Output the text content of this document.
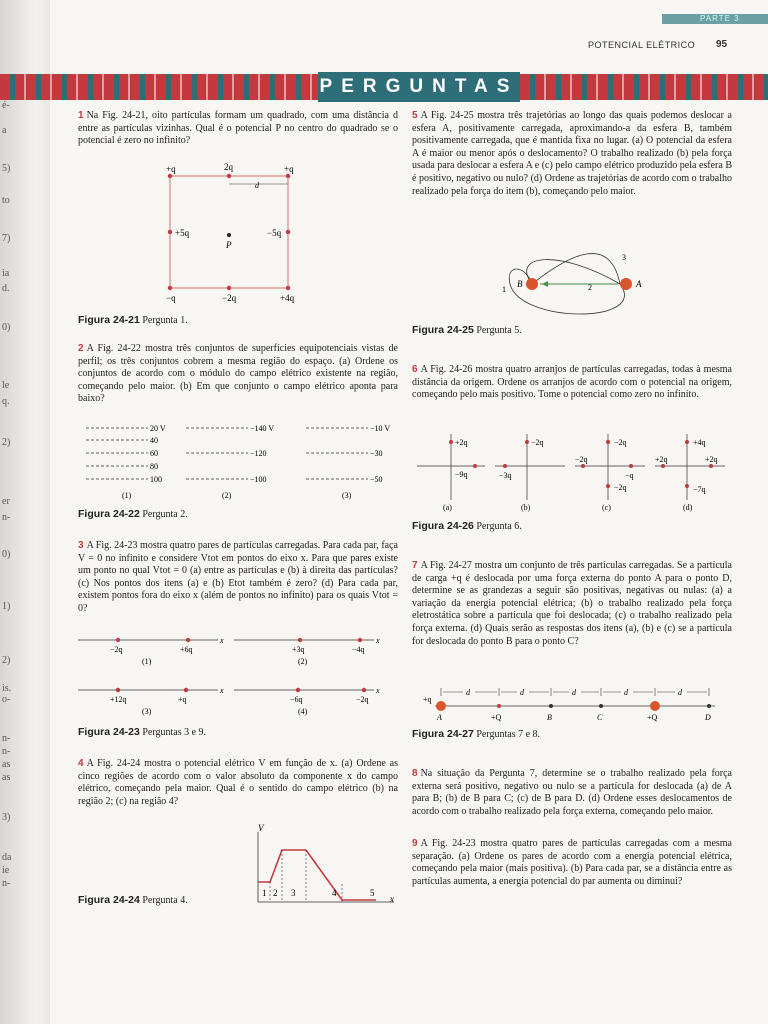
é-
a
5)
to
7)
ia
d.
0)
le
q.
2)
er
n-
0)
1)
2)
is.
o-
n-
n-
as
as
3)
da
ie
n-
PARTE 3
POTENCIAL ELÉTRICO 95
PERGUNTAS

1 Na Fig. 24-21, oito partículas formam um quadrado, com uma distância d entre as partículas vizinhas. Qual é o potencial P no centro do quadrado se o potencial é zero no infinito?

+q	2q	+q
d
+5q
P
−5q
−q	−2q	+4q
Figura 24-21 Pergunta 1.

2 A Fig. 24-22 mostra três conjuntos de superfícies equipotenciais vistas de perfil; os três conjuntos cobrem a mesma região do espaço. (a) Ordene os conjuntos de acordo com o módulo do campo elétrico existente na região, começando pelo maior. (b) Em que conjunto o campo elétrico aponta para baixo?

20 V
40
60
80
100
(1)
−140 V
−120
−100
(2)
−10 V
−30
−50
(3)
Figura 24-22 Pergunta 2.

3 A Fig. 24-23 mostra quatro pares de partículas carregadas. Para cada par, faça V = 0 no infinito e considere Vtot em pontos do eixo x. Para que pares existe um ponto no qual Vtot = 0 (a) entre as partículas e (b) à direita das partículas? (c) Nos pontos dos itens (a) e (b) Etot também é zero? (d) Para cada par, existem pontos fora do eixo x (além de pontos no infinito) para os quais Vtot = 0?

x
−2q	+6q
(1)
x
+3q	−4q
(2)
x
+12q	+q
(3)
x
−6q	−2q
(4)
Figura 24-23 Perguntas 3 e 9.

4 A Fig. 24-24 mostra o potencial elétrico V em função de x. (a) Ordene as cinco regiões de acordo com o valor absoluto da componente x do campo elétrico, começando pela maior. Qual é o sentido do campo elétrico (b) na região 2; (c) na região 4?

V
x
1 2 3	4	5
Figura 24-24 Pergunta 4.

5 A Fig. 24-25 mostra três trajetórias ao longo das quais podemos deslocar a esfera A, positivamente carregada, aproximando-a da esfera B, também positivamente carregada, que é mantida fixa no lugar. (a) O potencial da esfera A é maior ou menor após o deslocamento? O trabalho realizado (b) pela força usada para deslocar a esfera A e (c) pelo campo elétrico produzido pela esfera B é positivo, negativo ou nulo? (d) Ordene as trajetórias de acordo com o trabalho realizado pela força do item (b), começando pelo maior.

B	A
1	2
3
Figura 24-25 Pergunta 5.

6 A Fig. 24-26 mostra quatro arranjos de partículas carregadas, todas à mesma distância da origem. Ordene os arranjos de acordo com o potencial na origem, começando pelo mais positivo. Tome o potencial como zero no infinito.

+2q
−9q
(a)
−2q
−3q
(b)
−2q
−2q
−q
−2q
(c)
+4q
+2q	+2q
−7q
(d)
Figura 24-26 Pergunta 6.

7 A Fig. 24-27 mostra um conjunto de três partículas carregadas. Se a partícula de carga +q é deslocada por uma força externa do ponto A para o ponto D, determine se as grandezas a seguir são positivas, negativas ou nulas: (a) a variação da energia potencial elétrica; (b) o trabalho realizado pela força eletrostática sobre a partícula que foi deslocada; (c) o trabalho realizado pela força externa. (d) Quais serão as respostas dos itens (a), (b) e (c) se a partícula for deslocada do ponto B para o ponto C?

d	d	d	d	d
+q
A	+Q	B	C	+Q	D
Figura 24-27 Perguntas 7 e 8.

8 Na situação da Pergunta 7, determine se o trabalho realizado pela força externa será positivo, negativo ou nulo se a partícula for deslocada (a) de A para B; (b) de B para C; (c) de B para D. (d) Ordene esses deslocamentos de acordo com o trabalho realizado pela força externa, começando pelo maior.

9 A Fig. 24-23 mostra quatro pares de partículas carregadas com a mesma separação. (a) Ordene os pares de acordo com a energia potencial elétrica, começando pela maior (mais positiva). (b) Para cada par, se a distância entre as partículas aumenta, a energia potencial do par aumenta ou diminui?
